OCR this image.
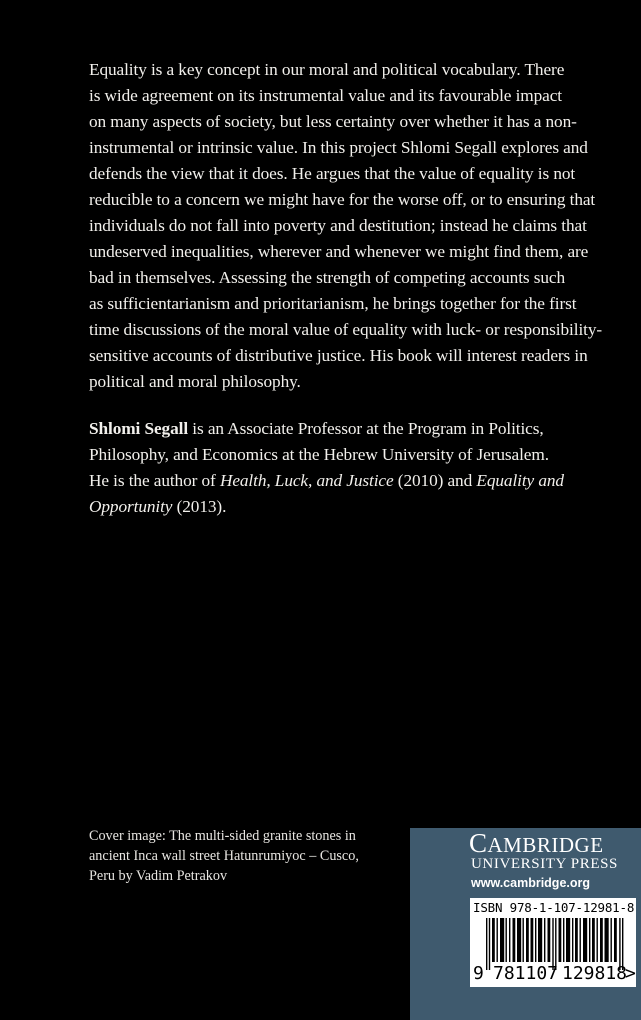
Equality is a key concept in our moral and political vocabulary. There
is wide agreement on its instrumental value and its favourable impact
on many aspects of society, but less certainty over whether it has a non-
instrumental or intrinsic value. In this project Shlomi Segall explores and
defends the view that it does. He argues that the value of equality is not
reducible to a concern we might have for the worse off, or to ensuring that
individuals do not fall into poverty and destitution; instead he claims that
undeserved inequalities, wherever and whenever we might find them, are
bad in themselves. Assessing the strength of competing accounts such
as sufficientarianism and prioritarianism, he brings together for the first
time discussions of the moral value of equality with luck- or responsibility-
sensitive accounts of distributive justice. His book will interest readers in
political and moral philosophy.
Shlomi Segall is an Associate Professor at the Program in Politics,
Philosophy, and Economics at the Hebrew University of Jerusalem.
He is the author of Health, Luck, and Justice (2010) and Equality and
Opportunity (2013).
Cover image: The multi-sided granite stones in
ancient Inca wall street Hatunrumiyoc – Cusco,
Peru by Vadim Petrakov
CAMBRIDGE
UNIVERSITY PRESS
www.cambridge.org
ISBN 978-1-107-12981-8
9 781107 129818
>
